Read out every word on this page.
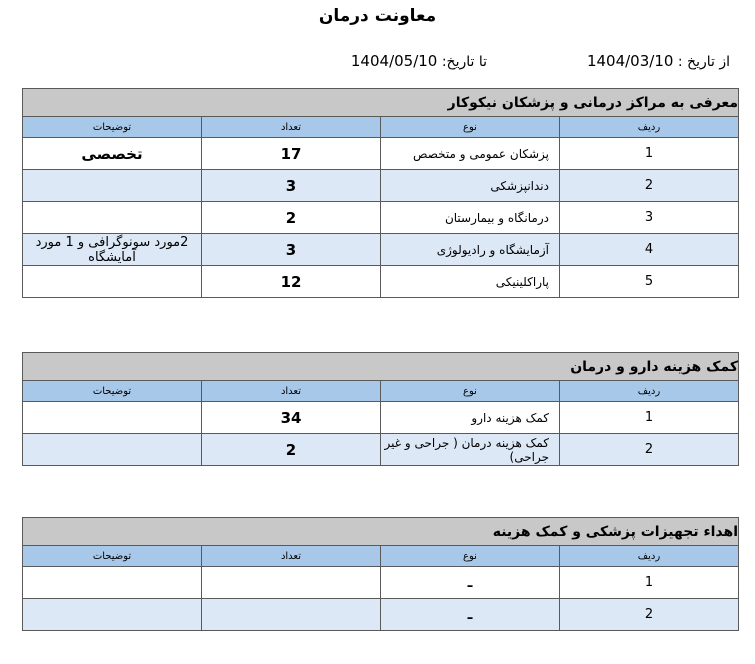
معاونت درمان
از تاریخ : 1404/03/10
تا تاریخ: 1404/05/10
معرفی به مراکز درمانی و پزشکان نیکوکار			
ردیف	نوع	تعداد	توضیحات
1	پزشکان عمومی و متخصص	17	تخصصی
2	دندانپزشکی	3	
3	درمانگاه و بیمارستان	2	
4	آزمایشگاه و رادیولوژی	3	2مورد سونوگرافی و 1 مورد آمایشگاه
5	پاراکلینیکی	12	
کمک هزینه دارو و درمان			
ردیف	نوع	تعداد	توضیحات
1	کمک هزینه دارو	34	
2	کمک هزینه درمان ( جراحی و غیر جراحی)	2	
اهداء تجهیزات پزشکی و کمک هزینه			
ردیف	نوع	تعداد	توضیحات
1	ـ		
2	ـ		
